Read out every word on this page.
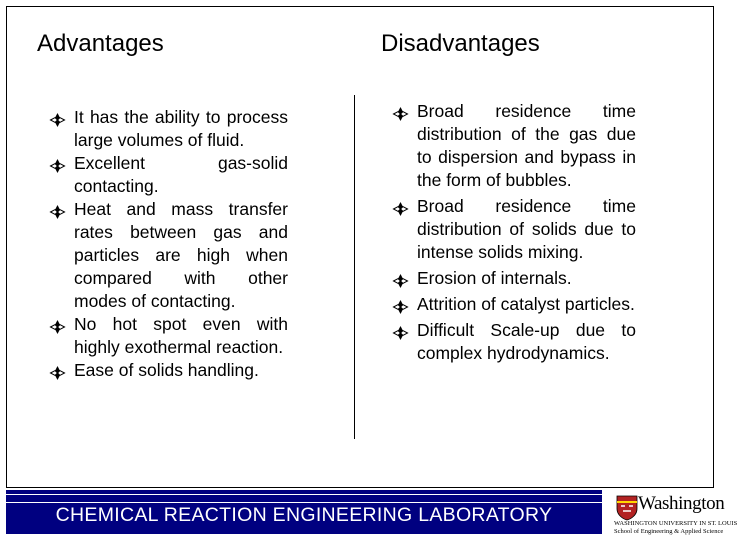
Advantages	Disadvantages
It has the ability to process large volumes of fluid.
Excellent gas-solid contacting.
Heat and mass transfer rates between gas and particles are high when compared with other modes of contacting.
No hot spot even with highly exothermal reaction.
Ease of solids handling.
Broad residence time distribution of the gas due to dispersion and bypass in the form of bubbles.
Broad residence time distribution of solids due to intense solids mixing.
Erosion of internals.
Attrition of catalyst particles.
Difficult Scale-up due to complex hydrodynamics.
CHEMICAL REACTION ENGINEERING LABORATORY
Washington
WASHINGTON UNIVERSITY IN ST. LOUIS
School of Engineering & Applied Science
